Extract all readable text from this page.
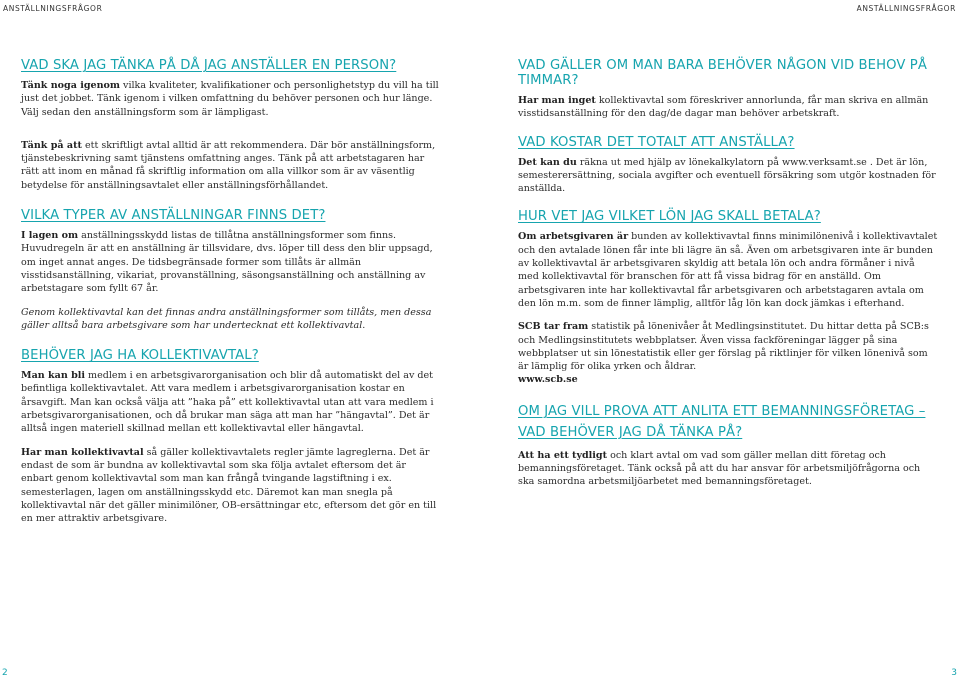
ANSTÄLLNINGSFRÅGOR	ANSTÄLLNINGSFRÅGOR
VAD SKA JAG TÄNKA PÅ DÅ JAG ANSTÄLLER EN PERSON?

Tänk noga igenom vilka kvaliteter, kvalifikationer och personlighetstyp du vill ha till just det jobbet. Tänk igenom i vilken omfattning du behöver personen och hur länge. Välj sedan den anställningsform som är lämpligast.

Tänk på att ett skriftligt avtal alltid är att rekommendera. Där bör anställningsform, tjänstebeskrivning samt tjänstens omfattning anges. Tänk på att arbetstagaren har rätt att inom en månad få skriftlig information om alla villkor som är av väsentlig betydelse för anställningsavtalet eller anställningsförhållandet.

VILKA TYPER AV ANSTÄLLNINGAR FINNS DET?

I lagen om anställningsskydd listas de tillåtna anställningsformer som finns. Huvudregeln är att en anställning är tillsvidare, dvs. löper till dess den blir uppsagd, om inget annat anges. De tidsbegränsade former som tillåts är allmän visstidsanställning, vikariat, provanställning, säsongsanställning och anställning av arbetstagare som fyllt 67 år.

Genom kollektivavtal kan det finnas andra anställningsformer som tillåts, men dessa gäller alltså bara arbetsgivare som har undertecknat ett kollektivavtal.

BEHÖVER JAG HA KOLLEKTIVAVTAL?

Man kan bli medlem i en arbetsgivarorganisation och blir då automatiskt del av det befintliga kollektivavtalet. Att vara medlem i arbetsgivarorganisation kostar en årsavgift. Man kan också välja att ”haka på” ett kollektivavtal utan att vara medlem i arbetsgivarorganisationen, och då brukar man säga att man har ”hängavtal”. Det är alltså ingen materiell skillnad mellan ett kollektivavtal eller hängavtal.

Har man kollektivavtal så gäller kollektivavtalets regler jämte lagreglerna. Det är endast de som är bundna av kollektivavtal som ska följa avtalet eftersom det är enbart genom kollektivavtal som man kan frångå tvingande lagstiftning i ex. semesterlagen, lagen om anställningsskydd etc. Däremot kan man snegla på kollektivavtal när det gäller minimilöner, OB-ersättningar etc, eftersom det gör en till en mer attraktiv arbetsgivare.

VAD GÄLLER OM MAN BARA BEHÖVER NÅGON VID BEHOV PÅ TIMMAR?

Har man inget kollektivavtal som föreskriver annorlunda, får man skriva en allmän visstidsanställning för den dag/de dagar man behöver arbetskraft.

VAD KOSTAR DET TOTALT ATT ANSTÄLLA?

Det kan du räkna ut med hjälp av lönekalkylatorn på www.verksamt.se . Det är lön, semesterersättning, sociala avgifter och eventuell försäkring som utgör kostnaden för anställda.

HUR VET JAG VILKET LÖN JAG SKALL BETALA?

Om arbetsgivaren är bunden av kollektivavtal finns minimilönenivå i kollektivavtalet och den avtalade lönen får inte bli lägre än så. Även om arbetsgivaren inte är bunden av kollektivavtal är arbetsgivaren skyldig att betala lön och andra förmåner i nivå med kollektivavtal för branschen för att få vissa bidrag för en anställd. Om arbetsgivaren inte har kollektivavtal får arbetsgivaren och arbetstagaren avtala om den lön m.m. som de finner lämplig, alltför låg lön kan dock jämkas i efterhand.

SCB tar fram statistik på lönenivåer åt Medlingsinstitutet. Du hittar detta på SCB:s och Medlingsinstitutets webbplatser. Även vissa fackföreningar lägger på sina webbplatser ut sin lönestatistik eller ger förslag på riktlinjer för vilken lönenivå som är lämplig för olika yrken och åldrar.
www.scb.se

OM JAG VILL PROVA ATT ANLITA ETT BEMANNINGSFÖRETAG – VAD BEHÖVER JAG DÅ TÄNKA PÅ?

Att ha ett tydligt och klart avtal om vad som gäller mellan ditt företag och bemanningsföretaget. Tänk också på att du har ansvar för arbetsmiljöfrågorna och ska samordna arbetsmiljöarbetet med bemanningsföretaget.

2	3
